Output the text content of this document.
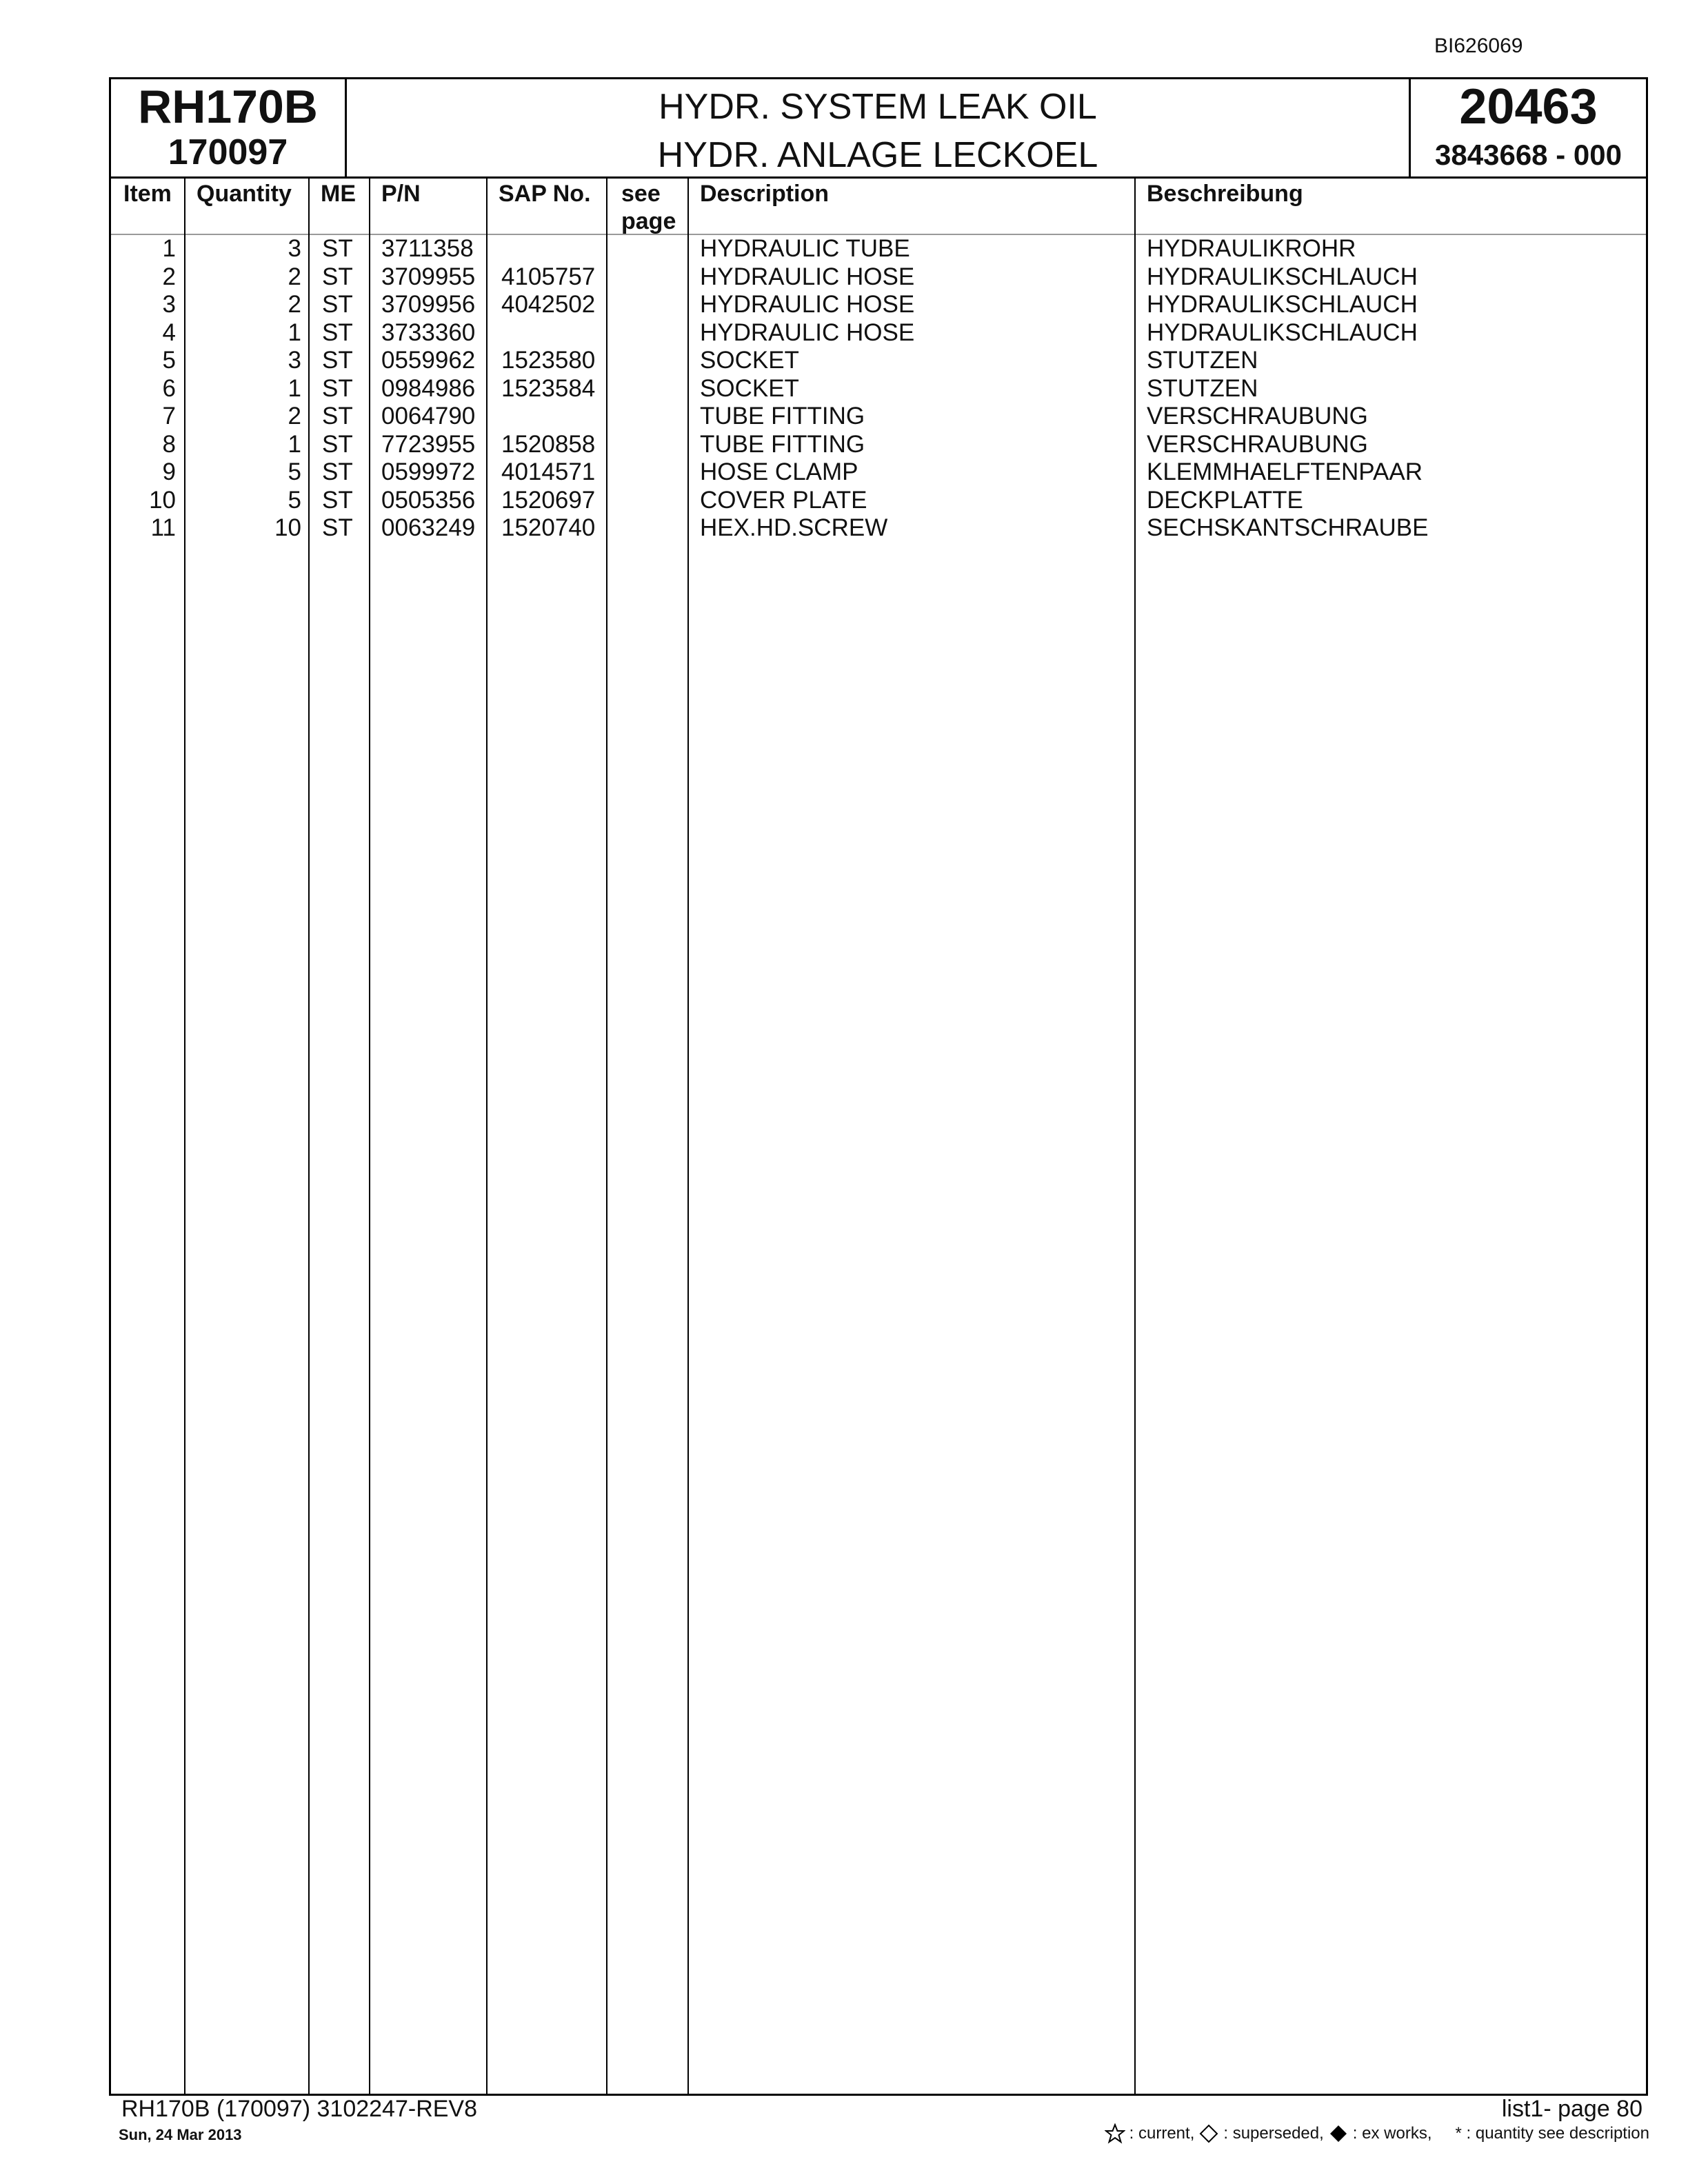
BI626069
RH170B
170097
HYDR. SYSTEM LEAK OIL
HYDR. ANLAGE LECKOEL
20463
3843668 - 000
Item Quantity ME P/N	SAP No. see
page
Description	Beschreibung
1	3 ST 3711358	HYDRAULIC TUBE	HYDRAULIKROHR
2	2 ST 3709955 4105757	HYDRAULIC HOSE	HYDRAULIKSCHLAUCH
3	2 ST 3709956 4042502	HYDRAULIC HOSE	HYDRAULIKSCHLAUCH
4	1 ST 3733360	HYDRAULIC HOSE	HYDRAULIKSCHLAUCH
5	3 ST 0559962 1523580	SOCKET	STUTZEN
6	1 ST 0984986 1523584	SOCKET	STUTZEN
7	2 ST 0064790	TUBE FITTING	VERSCHRAUBUNG
8	1 ST 7723955 1520858	TUBE FITTING	VERSCHRAUBUNG
9	5 ST 0599972 4014571	HOSE CLAMP	KLEMMHAELFTENPAAR
10	5 ST 0505356 1520697	COVER PLATE	DECKPLATTE
11	10 ST 0063249 1520740	HEX.HD.SCREW	SECHSKANTSCHRAUBE
RH170B (170097) 3102247-REV8
Sun, 24 Mar 2013
list1- page 80
: current, : superseded, : ex works, * : quantity see description
